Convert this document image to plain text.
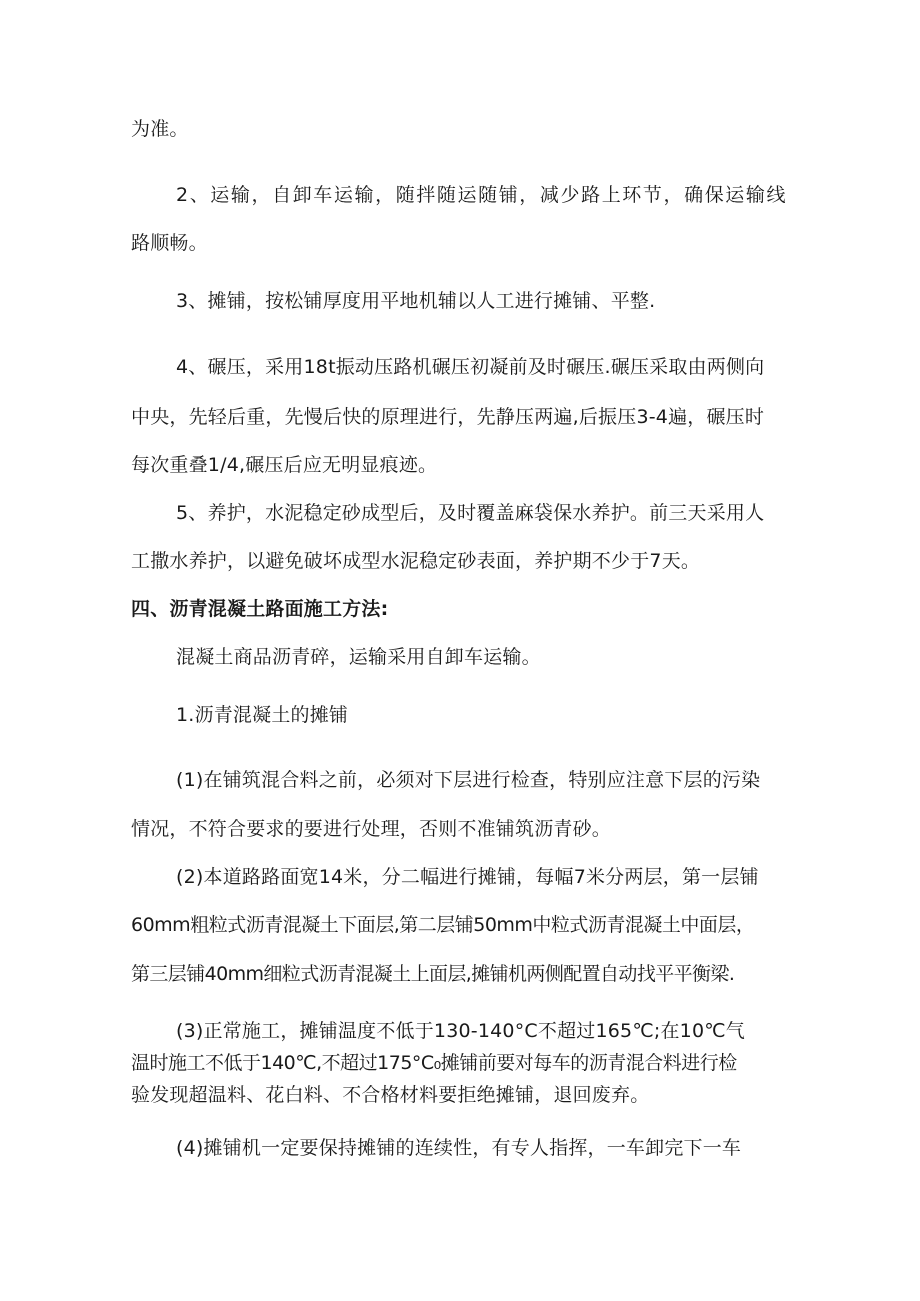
为准。
2、运输，自卸车运输，随拌随运随铺，减少路上环节，确保运输线
路顺畅。
3、摊铺，按松铺厚度用平地机辅以人工进行摊铺、平整.
4、碾压，采用18t振动压路机碾压初凝前及时碾压.碾压采取由两侧向
中央，先轻后重，先慢后快的原理进行，先静压两遍,后振压3-4遍，碾压时
每次重叠1/4,碾压后应无明显痕迹。
5、养护，水泥稳定砂成型后，及时覆盖麻袋保水养护。前三天采用人
工撒水养护，以避免破坏成型水泥稳定砂表面，养护期不少于7天。
四、沥青混凝土路面施工方法:
混凝土商品沥青碎，运输采用自卸车运输。
1.沥青混凝土的摊铺
(1)在铺筑混合料之前，必须对下层进行检查，特别应注意下层的污染
情况，不符合要求的要进行处理，否则不准铺筑沥青砂。
(2)本道路路面宽14米，分二幅进行摊铺，每幅7米分两层，第一层铺
60mm粗粒式沥青混凝土下面层,第二层铺50mm中粒式沥青混凝土中面层，
第三层铺40mm细粒式沥青混凝土上面层,摊铺机两侧配置自动找平平衡梁.
(3)正常施工，摊铺温度不低于130-140°C不超过165℃;在10℃气
温时施工不低于140℃,不超过175°C₀摊铺前要对每车的沥青混合料进行检
验发现超温料、花白料、不合格材料要拒绝摊铺，退回废弃。
(4)摊铺机一定要保持摊铺的连续性，有专人指挥，一车卸完下一车
